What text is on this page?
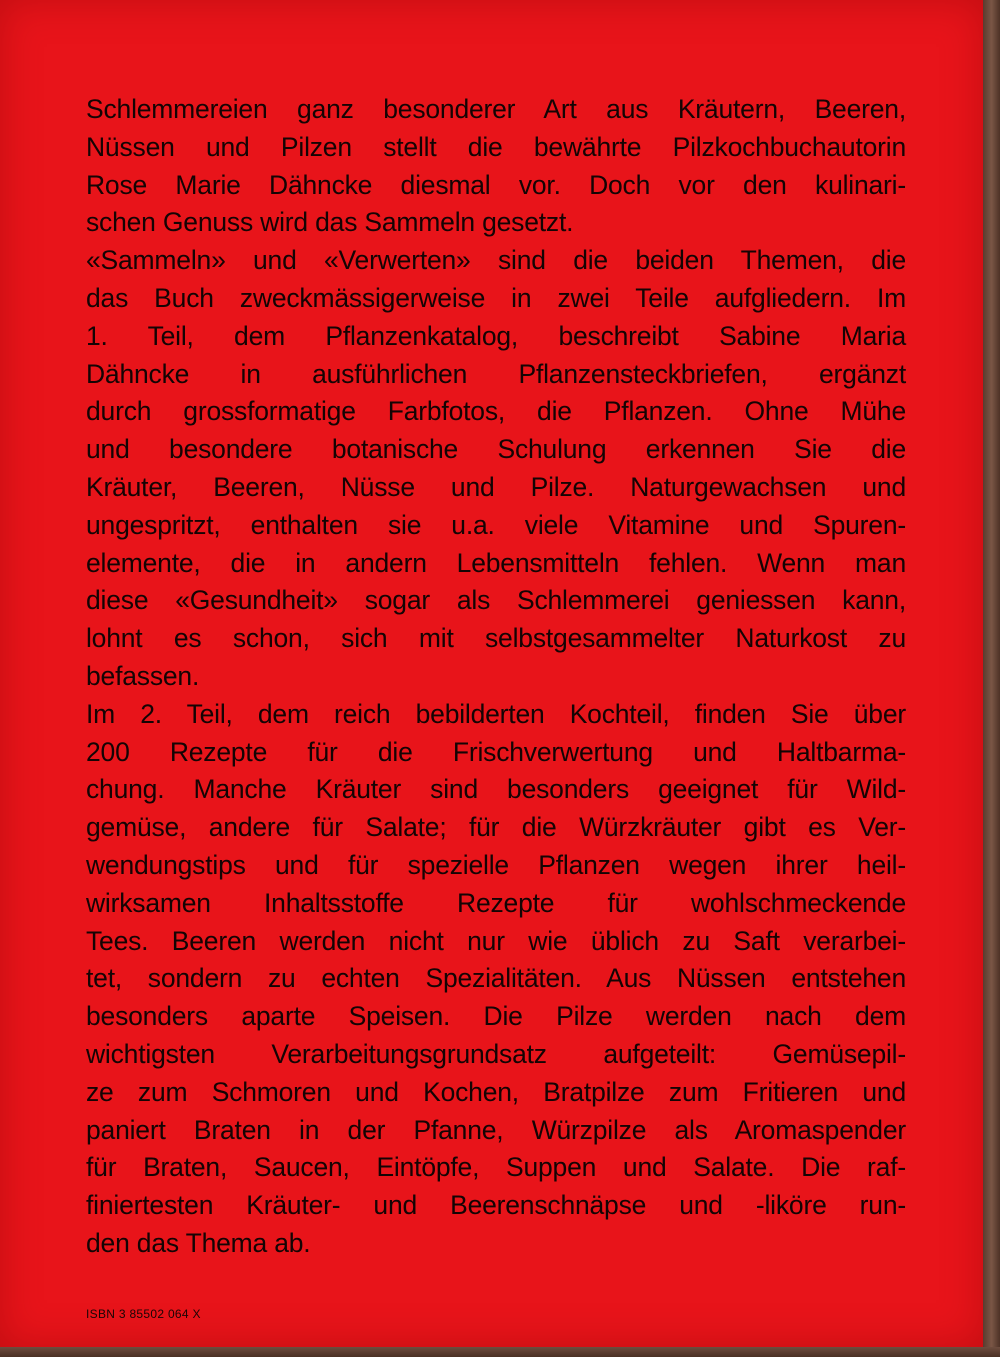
Schlemmereien ganz besonderer Art aus Kräutern, Beeren,
Nüssen und Pilzen stellt die bewährte Pilzkochbuchautorin
Rose Marie Dähncke diesmal vor. Doch vor den kulinari-
schen Genuss wird das Sammeln gesetzt.
«Sammeln» und «Verwerten» sind die beiden Themen, die
das Buch zweckmässigerweise in zwei Teile aufgliedern. Im
1. Teil, dem Pflanzenkatalog, beschreibt Sabine Maria
Dähncke in ausführlichen Pflanzensteckbriefen, ergänzt
durch grossformatige Farbfotos, die Pflanzen. Ohne Mühe
und besondere botanische Schulung erkennen Sie die
Kräuter, Beeren, Nüsse und Pilze. Naturgewachsen und
ungespritzt, enthalten sie u.a. viele Vitamine und Spuren-
elemente, die in andern Lebensmitteln fehlen. Wenn man
diese «Gesundheit» sogar als Schlemmerei geniessen kann,
lohnt es schon, sich mit selbstgesammelter Naturkost zu
befassen.
Im 2. Teil, dem reich bebilderten Kochteil, finden Sie über
200 Rezepte für die Frischverwertung und Haltbarma-
chung. Manche Kräuter sind besonders geeignet für Wild-
gemüse, andere für Salate; für die Würzkräuter gibt es Ver-
wendungstips und für spezielle Pflanzen wegen ihrer heil-
wirksamen Inhaltsstoffe Rezepte für wohlschmeckende
Tees. Beeren werden nicht nur wie üblich zu Saft verarbei-
tet, sondern zu echten Spezialitäten. Aus Nüssen entstehen
besonders aparte Speisen. Die Pilze werden nach dem
wichtigsten Verarbeitungsgrundsatz aufgeteilt: Gemüsepil-
ze zum Schmoren und Kochen, Bratpilze zum Fritieren und
paniert Braten in der Pfanne, Würzpilze als Aromaspender
für Braten, Saucen, Eintöpfe, Suppen und Salate. Die raf-
finiertesten Kräuter- und Beerenschnäpse und -liköre run-
den das Thema ab.
ISBN 3 85502 064 X
